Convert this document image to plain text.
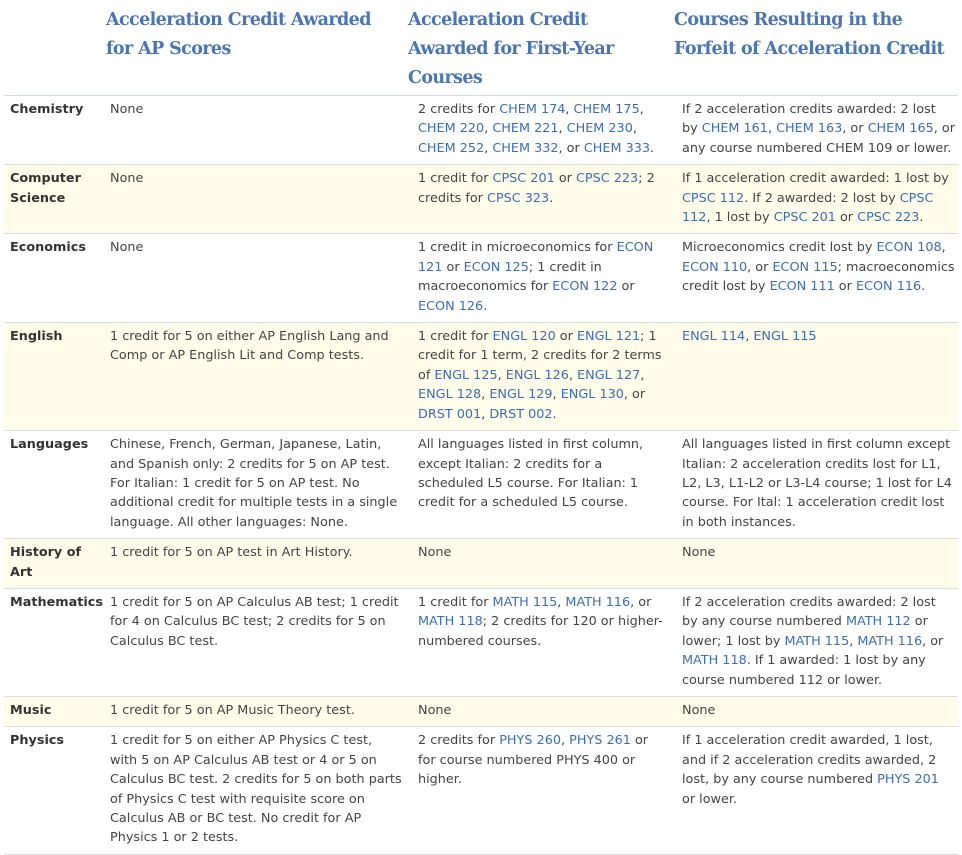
	Acceleration Credit Awarded for AP Scores	Acceleration Credit Awarded for First-Year Courses	Courses Resulting in the Forfeit of Acceleration Credit
Chemistry	None	2 credits for CHEM 174, CHEM 175, CHEM 220, CHEM 221, CHEM 230, CHEM 252, CHEM 332, or CHEM 333.	If 2 acceleration credits awarded: 2 lost by CHEM 161, CHEM 163, or CHEM 165, or any course numbered CHEM 109 or lower.
Computer Science	None	1 credit for CPSC 201 or CPSC 223; 2 credits for CPSC 323.	If 1 acceleration credit awarded: 1 lost by CPSC 112. If 2 awarded: 2 lost by CPSC 112, 1 lost by CPSC 201 or CPSC 223.
Economics	None	1 credit in microeconomics for ECON 121 or ECON 125; 1 credit in macroeconomics for ECON 122 or ECON 126.	Microeconomics credit lost by ECON 108, ECON 110, or ECON 115; macroeconomics credit lost by ECON 111 or ECON 116.
English	1 credit for 5 on either AP English Lang and Comp or AP English Lit and Comp tests.	1 credit for ENGL 120 or ENGL 121; 1 credit for 1 term, 2 credits for 2 terms of ENGL 125, ENGL 126, ENGL 127, ENGL 128, ENGL 129, ENGL 130, or DRST 001, DRST 002.	ENGL 114, ENGL 115
Languages	Chinese, French, German, Japanese, Latin, and Spanish only: 2 credits for 5 on AP test. For Italian: 1 credit for 5 on AP test. No additional credit for multiple tests in a single language. All other languages: None.	All languages listed in first column, except Italian: 2 credits for a scheduled L5 course. For Italian: 1 credit for a scheduled L5 course.	All languages listed in first column except Italian: 2 acceleration credits lost for L1, L2, L3, L1-L2 or L3-L4 course; 1 lost for L4 course. For Ital: 1 acceleration credit lost in both instances.
History of Art	1 credit for 5 on AP test in Art History.	None	None
Mathematics	1 credit for 5 on AP Calculus AB test; 1 credit for 4 on Calculus BC test; 2 credits for 5 on Calculus BC test.	1 credit for MATH 115, MATH 116, or MATH 118; 2 credits for 120 or higher-numbered courses.	If 2 acceleration credits awarded: 2 lost by any course numbered MATH 112 or lower; 1 lost by MATH 115, MATH 116, or MATH 118. If 1 awarded: 1 lost by any course numbered 112 or lower.
Music	1 credit for 5 on AP Music Theory test.	None	None
Physics	1 credit for 5 on either AP Physics C test, with 5 on AP Calculus AB test or 4 or 5 on Calculus BC test. 2 credits for 5 on both parts of Physics C test with requisite score on Calculus AB or BC test. No credit for AP Physics 1 or 2 tests.	2 credits for PHYS 260, PHYS 261 or for course numbered PHYS 400 or higher.	If 1 acceleration credit awarded, 1 lost, and if 2 acceleration credits awarded, 2 lost, by any course numbered PHYS 201 or lower.
